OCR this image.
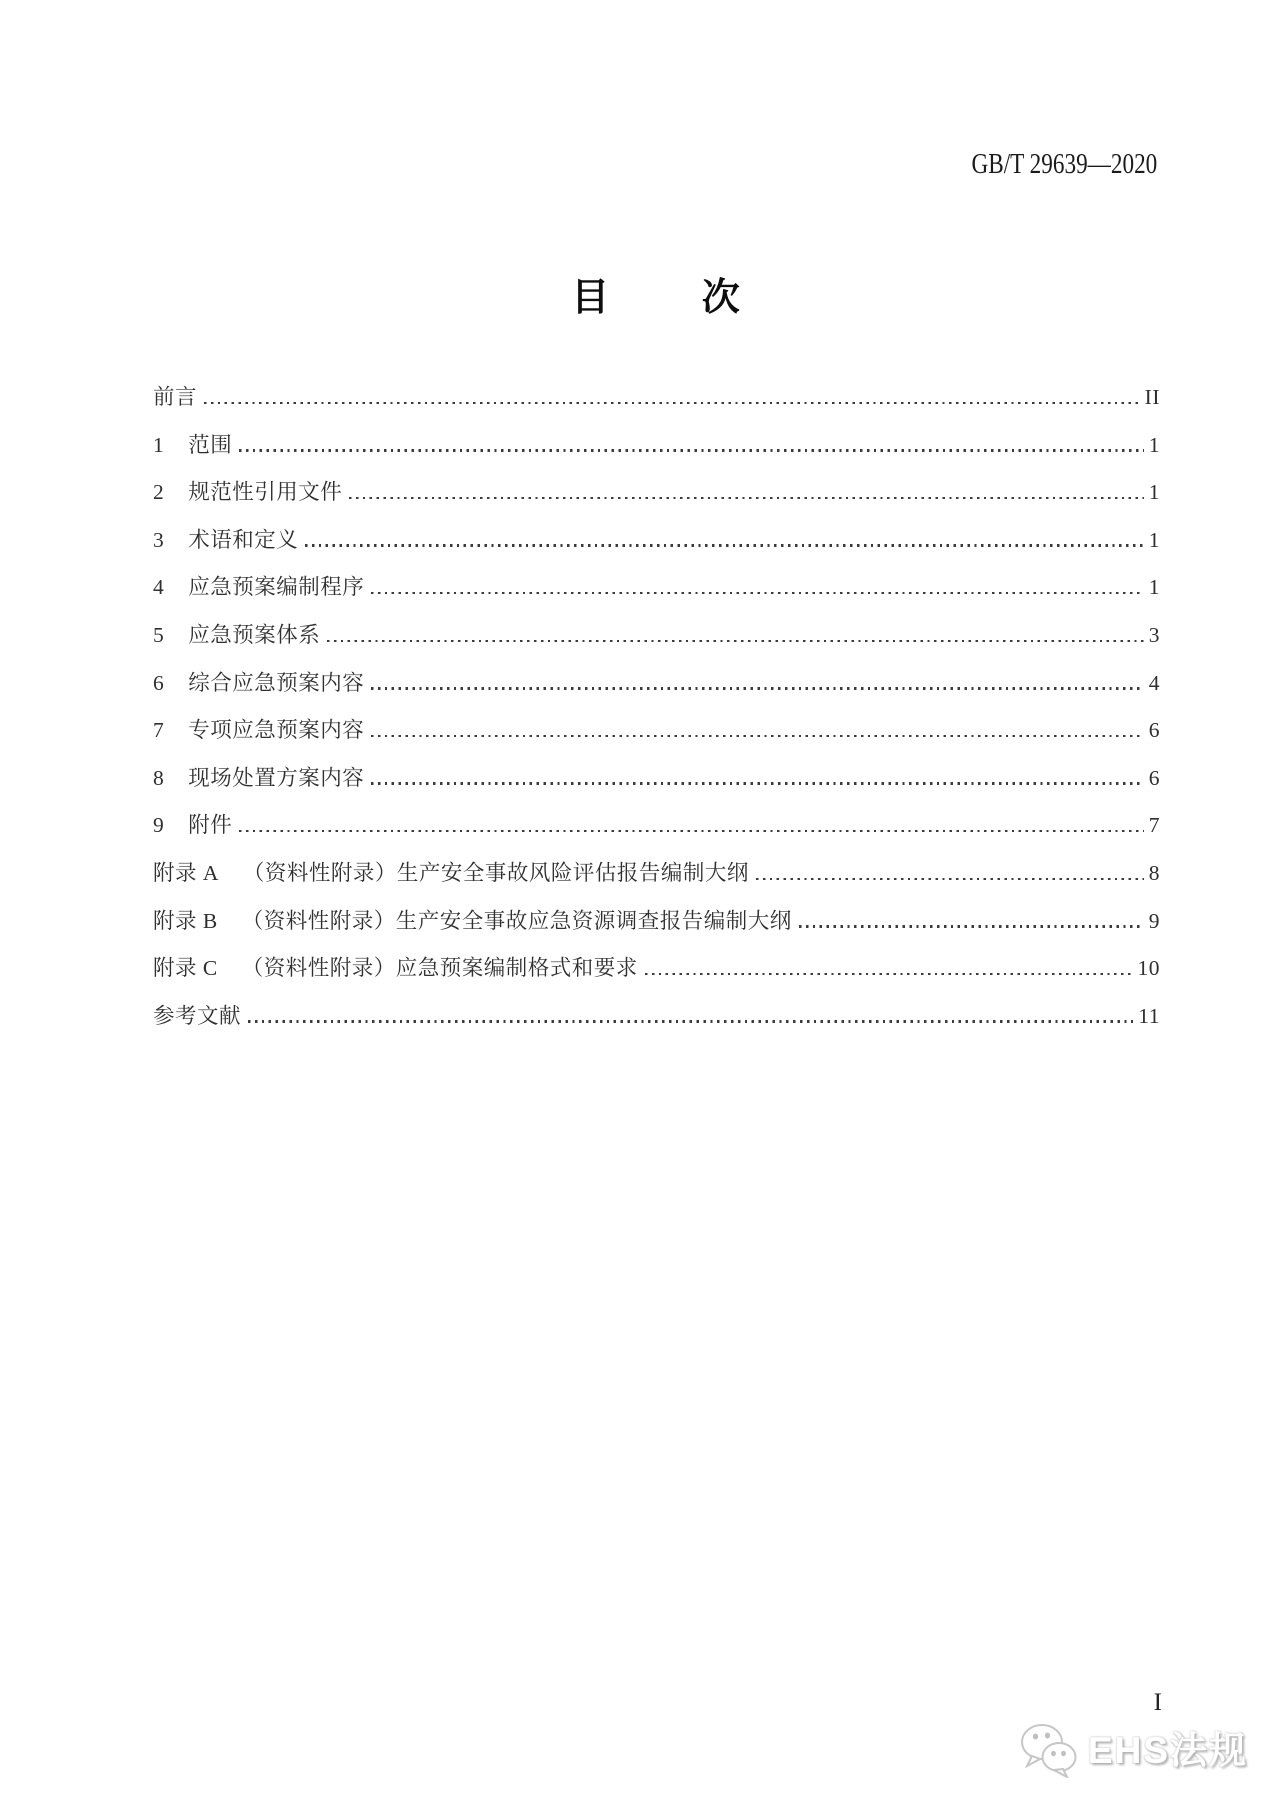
GB/T 29639—2020
目 次
前言	II
1 范围	1
2 规范性引用文件	1
3 术语和定义	1
4 应急预案编制程序	1
5 应急预案体系	3
6 综合应急预案内容	4
7 专项应急预案内容	6
8 现场处置方案内容	6
9 附件	7
附录 A （资料性附录）生产安全事故风险评估报告编制大纲	8
附录 B （资料性附录）生产安全事故应急资源调查报告编制大纲	9
附录 C （资料性附录）应急预案编制格式和要求	10
参考文献	11
I
EHS法规
